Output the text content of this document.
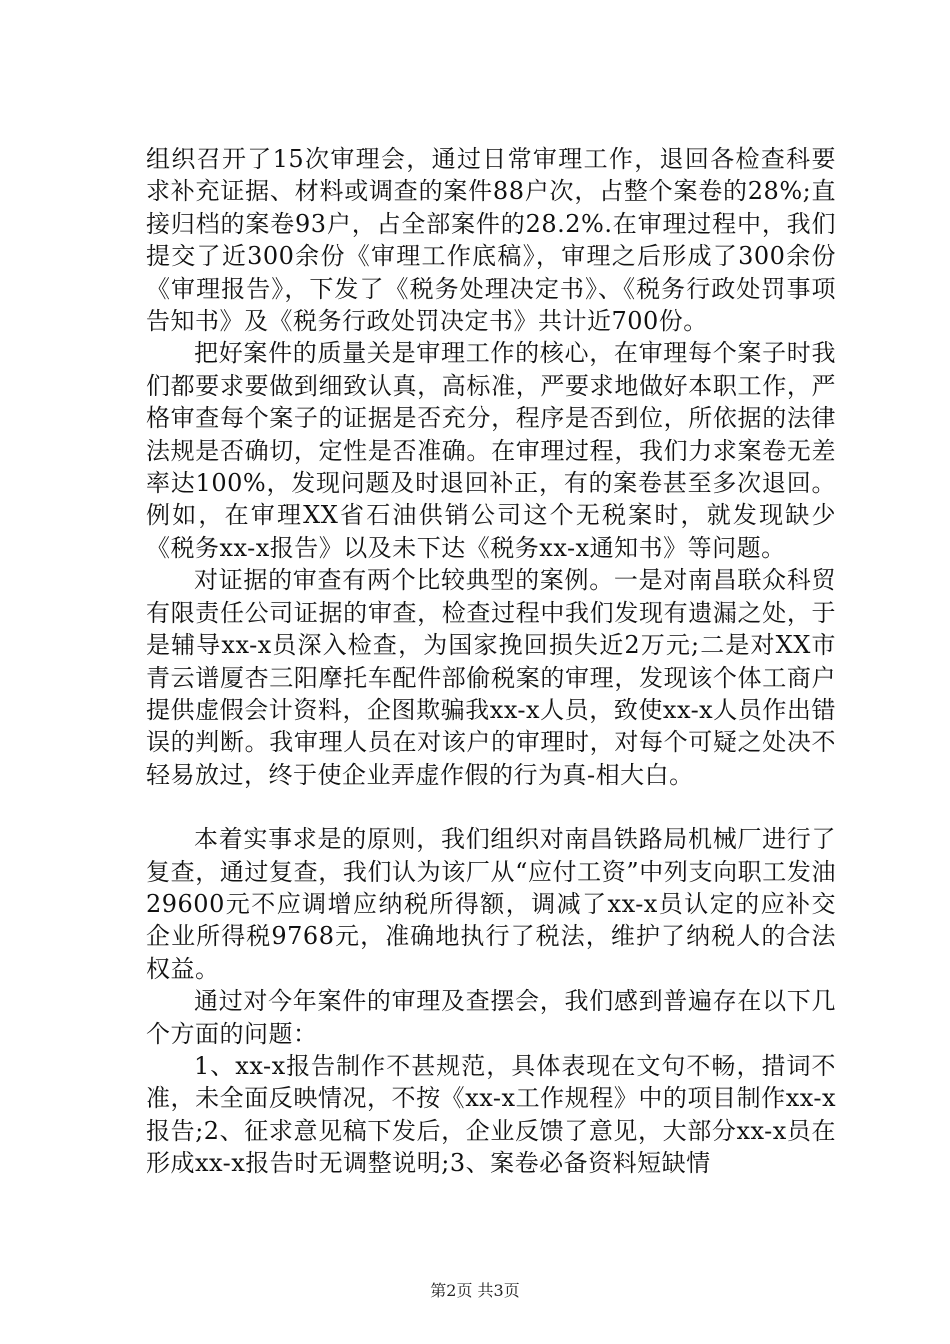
组织召开了15次审理会，通过日常审理工作，退回各检查科要求补充证据、材料或调查的案件88户次，占整个案卷的28%;直接归档的案卷93户，占全部案件的28.2%.在审理过程中，我们提交了近300余份《审理工作底稿》，审理之后形成了300余份《审理报告》，下发了《税务处理决定书》、《税务行政处罚事项告知书》及《税务行政处罚决定书》共计近700份。

把好案件的质量关是审理工作的核心，在审理每个案子时我们都要求要做到细致认真，高标准，严要求地做好本职工作，严格审查每个案子的证据是否充分，程序是否到位，所依据的法律法规是否确切，定性是否准确。在审理过程，我们力求案卷无差率达100%，发现问题及时退回补正，有的案卷甚至多次退回。例如，在审理XX省石油供销公司这个无税案时，就发现缺少《税务xx-x报告》以及未下达《税务xx-x通知书》等问题。

对证据的审查有两个比较典型的案例。一是对南昌联众科贸有限责任公司证据的审查，检查过程中我们发现有遗漏之处，于是辅导xx-x员深入检查，为国家挽回损失近2万元;二是对XX市青云谱厦杏三阳摩托车配件部偷税案的审理，发现该个体工商户提供虚假会计资料，企图欺骗我xx-x人员，致使xx-x人员作出错误的判断。我审理人员在对该户的审理时，对每个可疑之处决不轻易放过，终于使企业弄虚作假的行为真-相大白。

本着实事求是的原则，我们组织对南昌铁路局机械厂进行了复查，通过复查，我们认为该厂从“应付工资”中列支向职工发油29600元不应调增应纳税所得额，调减了xx-x员认定的应补交企业所得税9768元，准确地执行了税法，维护了纳税人的合法权益。

通过对今年案件的审理及查摆会，我们感到普遍存在以下几个方面的问题：

1、xx-x报告制作不甚规范，具体表现在文句不畅，措词不准，未全面反映情况，不按《xx-x工作规程》中的项目制作xx-x报告;2、征求意见稿下发后，企业反馈了意见，大部分xx-x员在形成xx-x报告时无调整说明;3、案卷必备资料短缺情

第2页 共3页
